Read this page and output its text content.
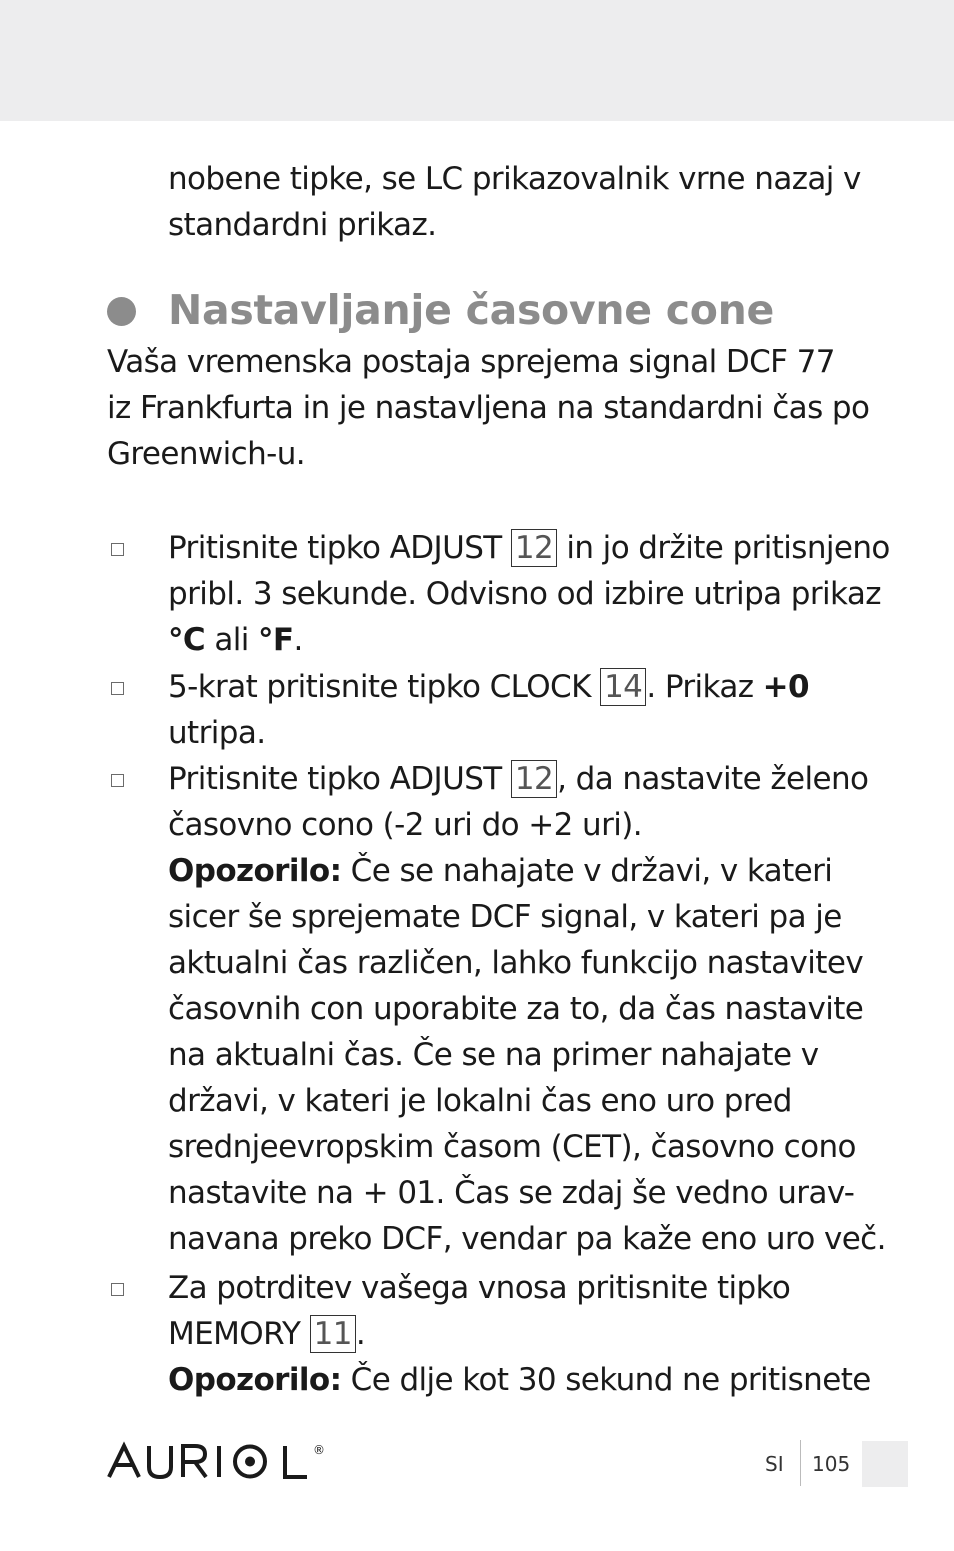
nobene tipke, se LC prikazovalnik vrne nazaj v
standardni prikaz.
Nastavljanje časovne cone
Vaša vremenska postaja sprejema signal DCF 77
iz Frankfurta in je nastavljena na standardni čas po
Greenwich-u.
Pritisnite tipko ADJUST 12 in jo držite pritisnjeno
pribl. 3 sekunde. Odvisno od izbire utripa prikaz
°C ali °F.
5-krat pritisnite tipko CLOCK 14 . Prikaz +0
utripa.
Pritisnite tipko ADJUST 12 , da nastavite želeno
časovno cono (-2 uri do +2 uri).
Opozorilo: Če se nahajate v državi, v kateri
sicer še sprejemate DCF signal, v kateri pa je
aktualni čas različen, lahko funkcijo nastavitev
časovnih con uporabite za to, da čas nastavite
na aktualni čas. Če se na primer nahajate v
državi, v kateri je lokalni čas eno uro pred
srednjeevropskim časom (CET), časovno cono
nastavite na + 01. Čas se zdaj še vedno urav-
navana preko DCF, vendar pa kaže eno uro več.
Za potrditev vašega vnosa pritisnite tipko
MEMORY 11 .
Opozorilo: Če dlje kot 30 sekund ne pritisnete
®
SI 105
